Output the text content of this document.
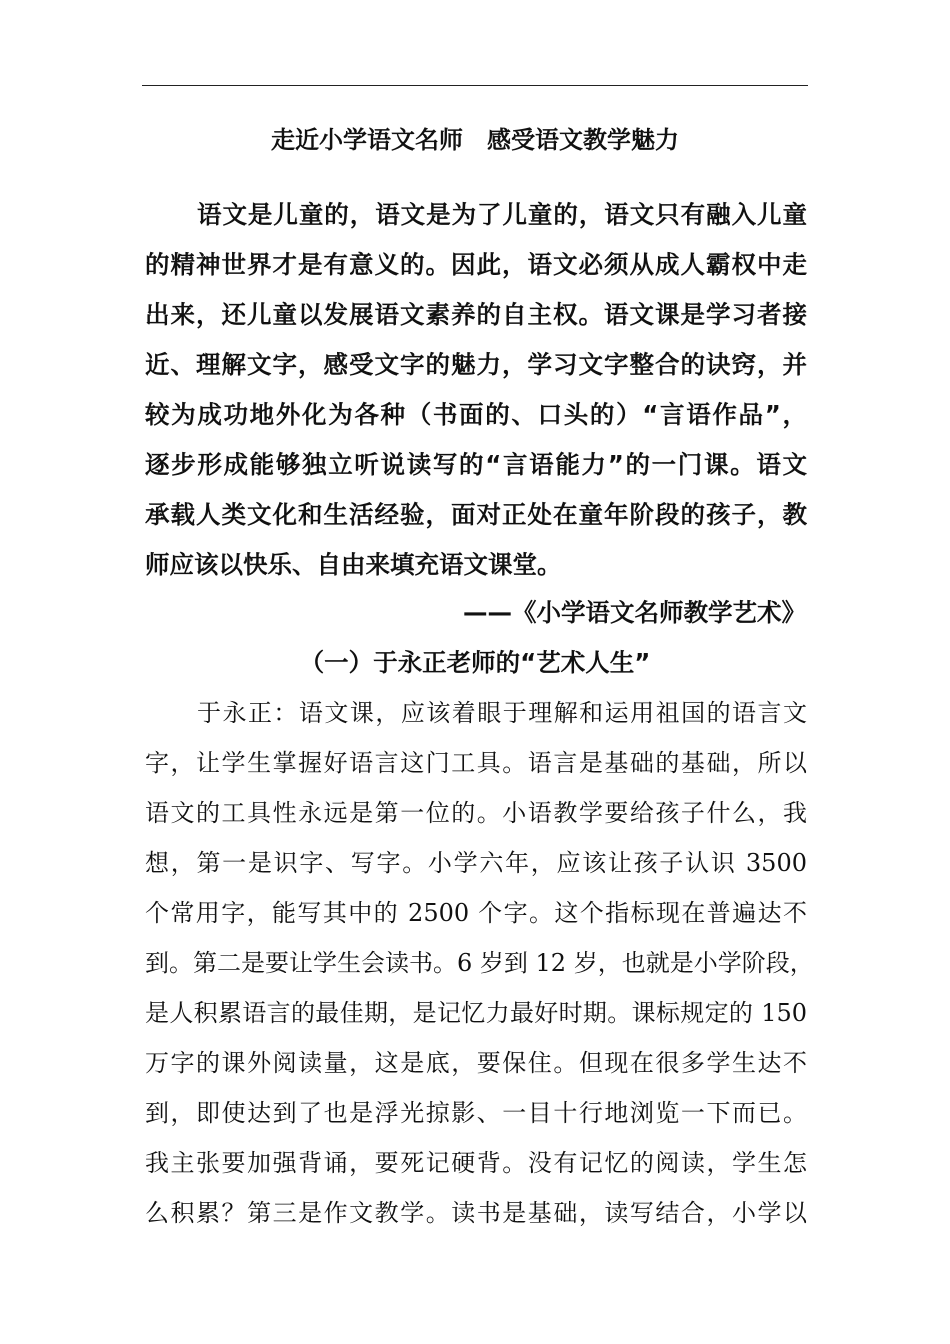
走近小学语文名师　感受语文教学魅力
语文是儿童的，语文是为了儿童的，语文只有融入儿童
的精神世界才是有意义的。因此，语文必须从成人霸权中走
出来，还儿童以发展语文素养的自主权。语文课是学习者接
近、理解文字，感受文字的魅力，学习文字整合的诀窍，并
较为成功地外化为各种（书面的、口头的）“言语作品”，
逐步形成能够独立听说读写的“言语能力”的一门课。语文
承载人类文化和生活经验，面对正处在童年阶段的孩子，教
师应该以快乐、自由来填充语文课堂。
——《小学语文名师教学艺术》
（一）于永正老师的“艺术人生”
于永正：语文课，应该着眼于理解和运用祖国的语言文
字，让学生掌握好语言这门工具。语言是基础的基础，所以
语文的工具性永远是第一位的。小语教学要给孩子什么，我
想，第一是识字、写字。小学六年，应该让孩子认识 3500
个常用字，能写其中的 2500 个字。这个指标现在普遍达不
到。第二是要让学生会读书。6 岁到 12 岁，也就是小学阶段，
是人积累语言的最佳期，是记忆力最好时期。课标规定的 150
万字的课外阅读量，这是底，要保住。但现在很多学生达不
到，即使达到了也是浮光掠影、一目十行地浏览一下而已。
我主张要加强背诵，要死记硬背。没有记忆的阅读，学生怎
么积累？第三是作文教学。读书是基础，读写结合，小学以
